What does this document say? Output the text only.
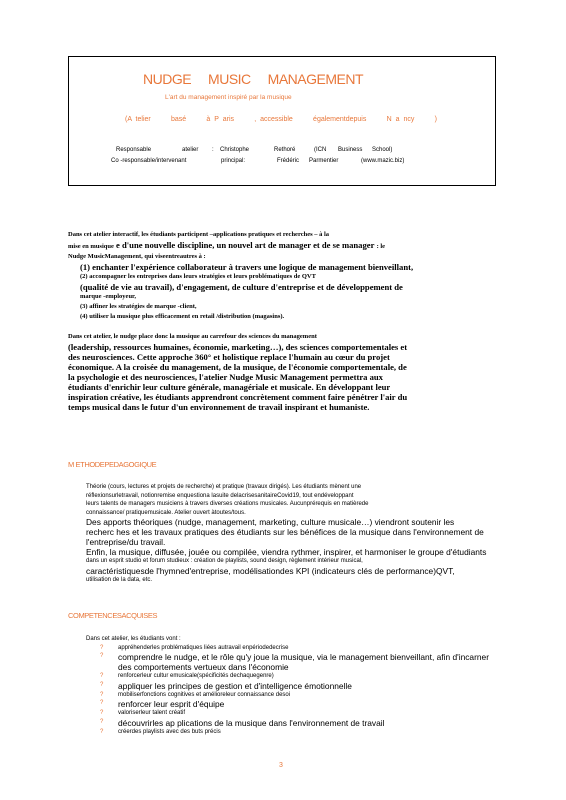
NUDGE MUSIC MANAGEMENT
L'art du management inspiré par la musique
(A telier	basé	à P aris	, accessible	égalementdepuis	N a ncy	)
Responsable	atelier : Christophe	Rethoré	(ICN Business School)
Co -responsable/intervenant	principal:	Frédéric Parmentier	(www.mazic.biz)

Dans cet atelier interactif, les étudiants participent –applications pratiques et recherches – à la

mise en musique e d'une nouvelle discipline, un nouvel art de manager et de se manager : le

Nudge MusicManagement, qui viseentreautres à :

(1) enchanter l'expérience collaborateur à travers une logique de management bienveillant,

(2) accompagner les entreprises dans leurs stratégies et leurs problématiques de QVT

(qualité de vie au travail), d'engagement, de culture d'entreprise et de développement de

marque -employeur,

(3) affiner les stratégies de marque -client,

(4) utiliser la musique plus efficacement en retail /distribution (magasins).

Dans cet atelier, le nudge place donc la musique au carrefour des sciences du management

(leadership, ressources humaines, économie, marketing…), des sciences comportementales et

des neurosciences. Cette approche 360° et holistique replace l'humain au cœur du projet

économique. A la croisée du management, de la musique, de l'économie comportementale, de

la psychologie et des neurosciences, l'atelier Nudge Music Management permettra aux

étudiants d'enrichir leur culture générale, managériale et musicale. En développant leur

inspiration créative, les étudiants apprendront concrètement comment faire pénétrer l'air du

temps musical dans le futur d'un environnement de travail inspirant et humaniste.

M ETHODEPEDAGOGIQUE
Théorie (cours, lectures et projets de recherche) et pratique (travaux dirigés). Les étudiants mènent une
réflexionsurletravail, notionremise enquestiona lasuite delacrisesanitaireCovid19, tout endéveloppant
leurs talents de managers musiciens à travers diverses créations musicales. Aucunprérequis en matièrede
connaissance/ pratiquemusicale. Atelier ouvert àtoutes/tous.
Des apports théoriques (nudge, management, marketing, culture musicale…) viendront soutenir les
recherc hes et les travaux pratiques des étudiants sur les bénéfices de la musique dans l'environnement de
l'entreprise/du travail.
Enfin, la musique, diffusée, jouée ou compilée, viendra rythmer, inspirer, et harmoniser le groupe d'étudiants
dans un esprit studio et forum studieux : création de playlists, sound design, règlement intérieur musical,
caractéristiquesde l'hymned'entreprise, modélisationdes KPI (indicateurs clés de performance)QVT,
utilisation de la data, etc.
COMPETENCESACQUISES
Dans cet atelier, les étudiants vont :
?	appréhenderles problématiques liées autravail enpériodedecrise
?	comprendre le nudge, et le rôle qu'y joue la musique, via le management bienveillant, afin d'incarner
des comportements vertueux dans l'économie
?	renforcerleur cultur emusicale(spécificités dechaquegenre)
?	appliquer les principes de gestion et d'intelligence émotionnelle
?	mobiliserfonctions cognitives et amélioreleur connaissance desoi
?	renforcer leur esprit d'équipe
?	valoriserleur talent créatif
?	découvrirles ap plications de la musique dans l'environnement de travail
?	créerdes playlists avec des buts précis
3
